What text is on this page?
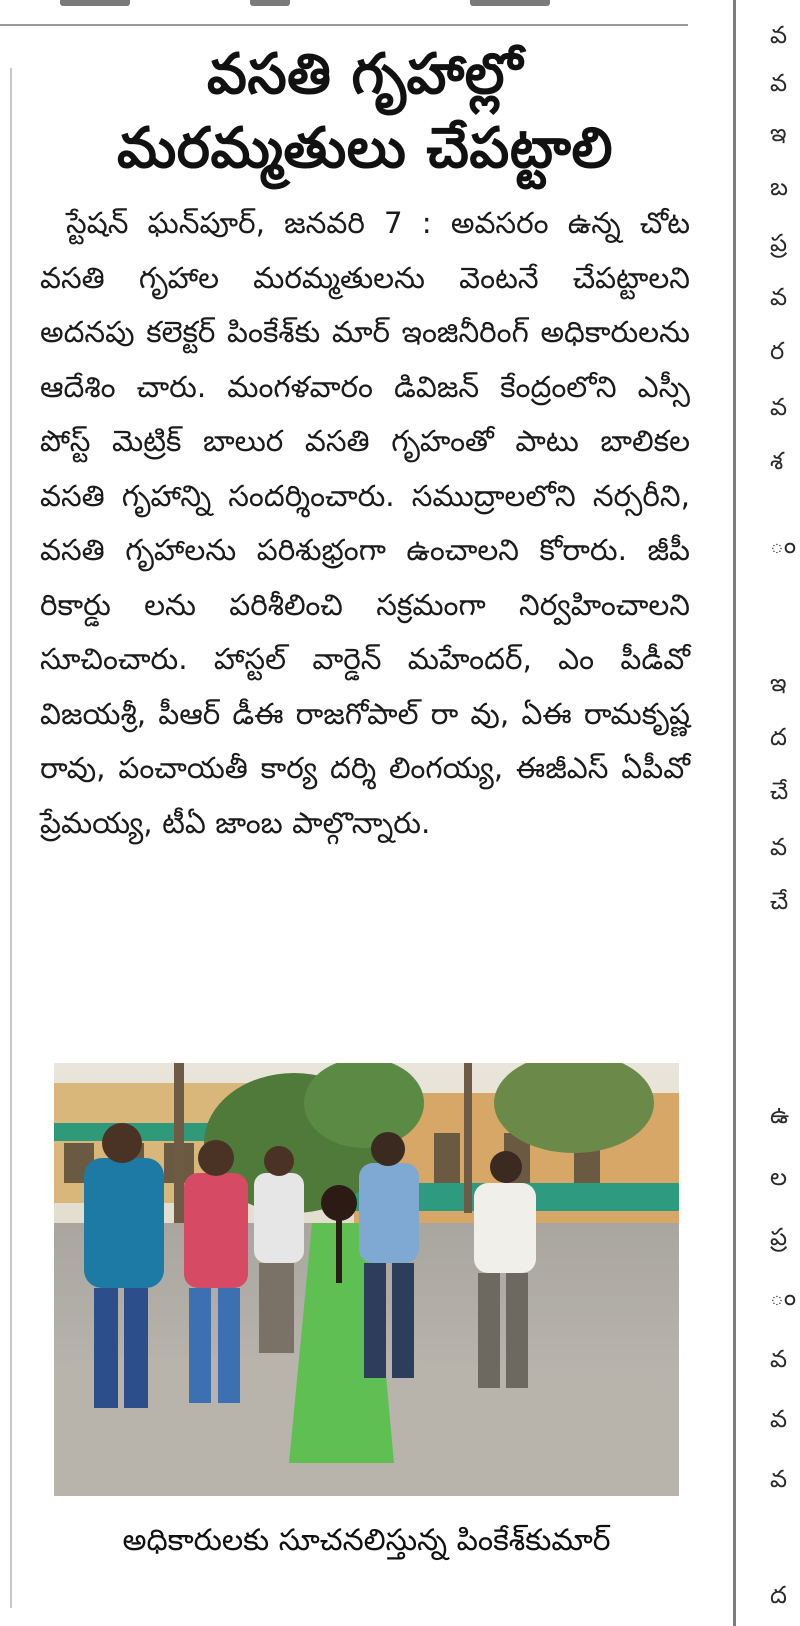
వసతి గృహాల్లో
మరమ్మతులు చేపట్టాలి

స్టేషన్ ఘన్‌పూర్, జనవరి 7 : అవసరం ఉన్న చోట వసతి గృహాల మరమ్మతులను వెంటనే చేపట్టాలని అదనపు కలెక్టర్ పింకేశ్‌కు మార్ ఇంజినీరింగ్ అధికారులను ఆదేశిం చారు. మంగళవారం డివిజన్ కేంద్రంలోని ఎస్సీ పోస్ట్ మెట్రిక్ బాలుర వసతి గృహంతో పాటు బాలికల వసతి గృహాన్ని సందర్శించారు. సముద్రాలలోని నర్సరీని, వసతి గృహాలను పరిశుభ్రంగా ఉంచాలని కోరారు. జీపీ రికార్డు లను పరిశీలించి సక్రమంగా నిర్వహించాలని సూచించారు. హాస్టల్ వార్డెన్ మహేందర్, ఎం పీడీవో విజయశ్రీ, పీఆర్ డీఈ రాజగోపాల్ రా వు, ఏఈ రామకృష్ణ రావు, పంచాయతీ కార్య దర్శి లింగయ్య, ఈజీఎస్ ఏపీవో ప్రేమయ్య, టీఏ జాంబ పాల్గొన్నారు.

అధికారులకు సూచనలిస్తున్న పింకేశ్‌కుమార్
వ
వ
ఇ
బ
ప్ర
వ
ర
వ
శ
ం
ఇ
ద
చే
వ
చే
ఉ
ల
ప్ర
ం
వ
వ
వ
ద
